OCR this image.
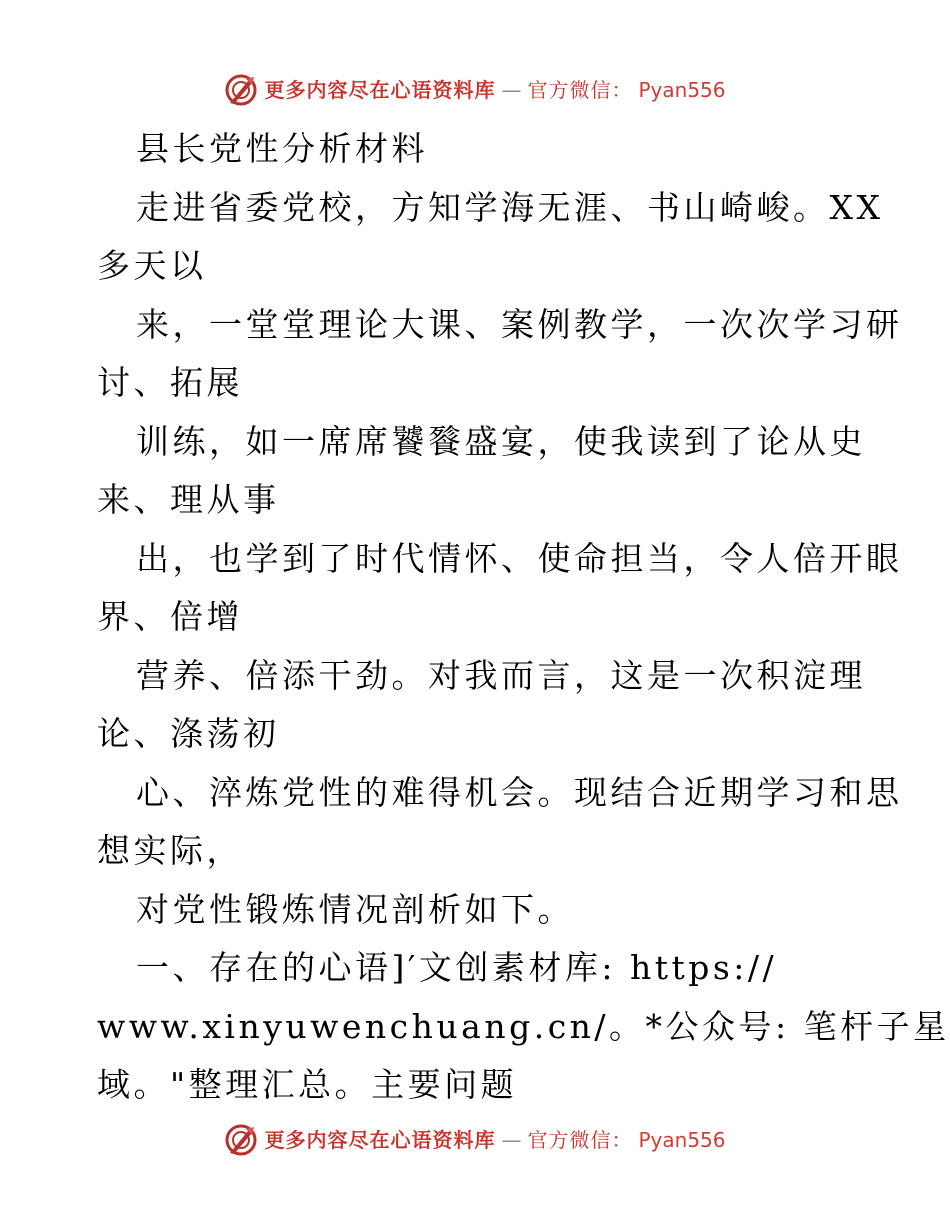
更多内容尽在心语资料库 — 官方微信： Pyan556
县长党性分析材料
走进省委党校，方知学海无涯、书山崎峻。XX
多天以
来，一堂堂理论大课、案例教学，一次次学习研
讨、拓展
训练，如一席席饕餮盛宴，使我读到了论从史
来、理从事
出，也学到了时代情怀、使命担当，令人倍开眼
界、倍增
营养、倍添干劲。对我而言，这是一次积淀理
论、涤荡初
心、淬炼党性的难得机会。现结合近期学习和思
想实际，
对党性锻炼情况剖析如下。
一、存在的心语]′文创素材库: https://
www.xinyuwenchuang.cn/。*公众号: 笔杆子星
域。"整理汇总。主要问题
更多内容尽在心语资料库 — 官方微信： Pyan556
